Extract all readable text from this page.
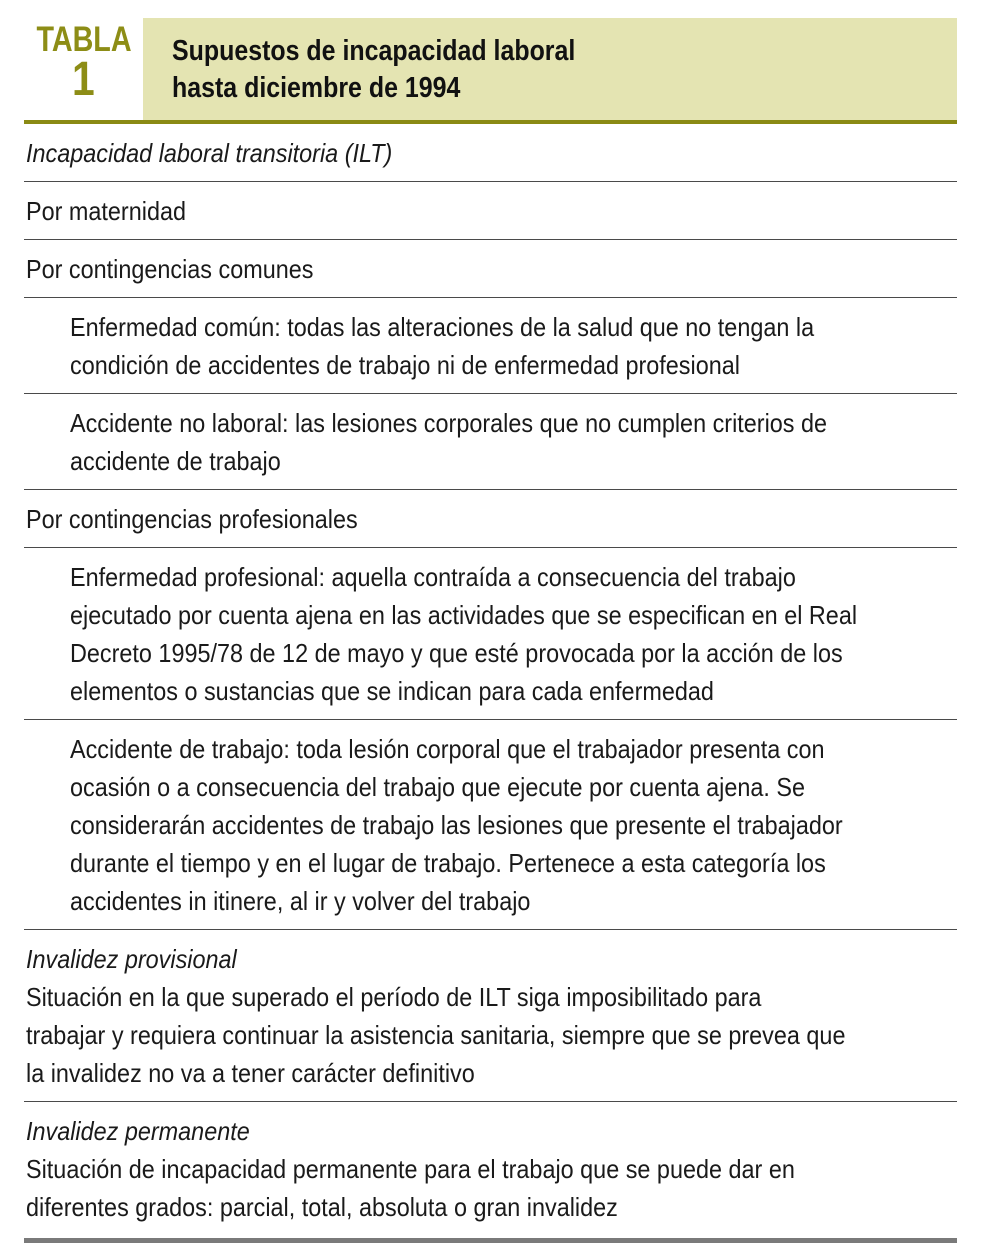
TABLA
1
Supuestos de incapacidad laboral
hasta diciembre de 1994
Incapacidad laboral transitoria (ILT)
Por maternidad
Por contingencias comunes
Enfermedad común: todas las alteraciones de la salud que no tengan la
condición de accidentes de trabajo ni de enfermedad profesional
Accidente no laboral: las lesiones corporales que no cumplen criterios de
accidente de trabajo
Por contingencias profesionales
Enfermedad profesional: aquella contraída a consecuencia del trabajo
ejecutado por cuenta ajena en las actividades que se especifican en el Real
Decreto 1995/78 de 12 de mayo y que esté provocada por la acción de los
elementos o sustancias que se indican para cada enfermedad
Accidente de trabajo: toda lesión corporal que el trabajador presenta con
ocasión o a consecuencia del trabajo que ejecute por cuenta ajena. Se
considerarán accidentes de trabajo las lesiones que presente el trabajador
durante el tiempo y en el lugar de trabajo. Pertenece a esta categoría los
accidentes in itinere, al ir y volver del trabajo
Invalidez provisional
Situación en la que superado el período de ILT siga imposibilitado para
trabajar y requiera continuar la asistencia sanitaria, siempre que se prevea que
la invalidez no va a tener carácter definitivo
Invalidez permanente
Situación de incapacidad permanente para el trabajo que se puede dar en
diferentes grados: parcial, total, absoluta o gran invalidez
